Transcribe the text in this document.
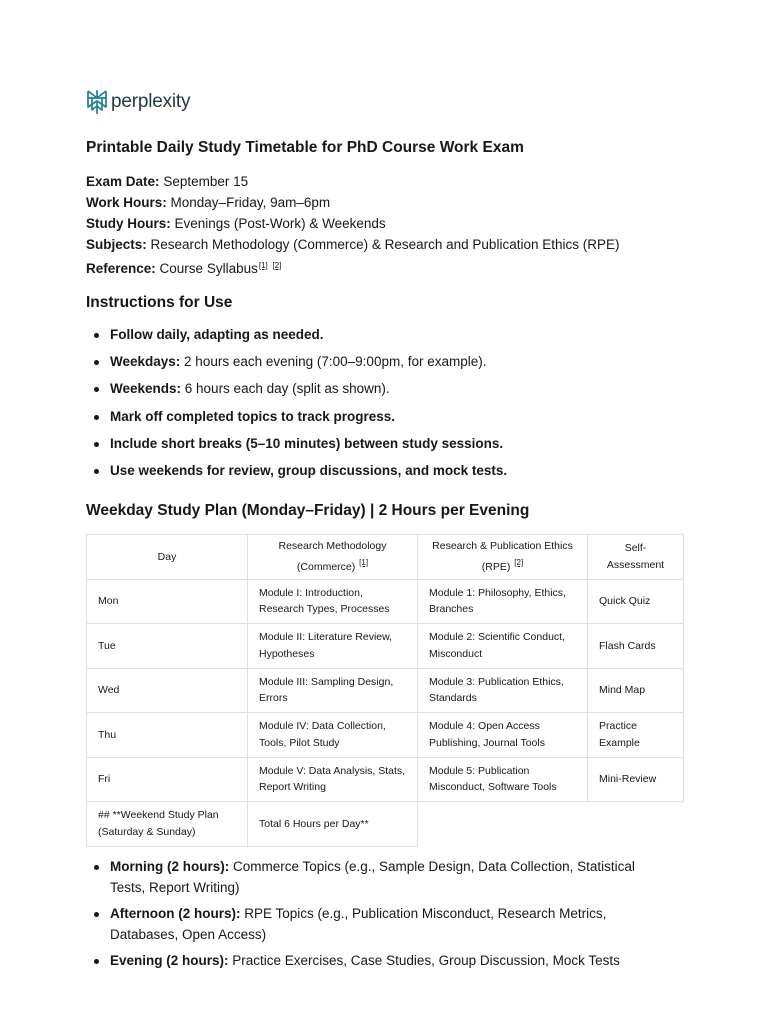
perplexity
Printable Daily Study Timetable for PhD Course Work Exam
Exam Date: September 15
Work Hours: Monday–Friday, 9am–6pm
Study Hours: Evenings (Post-Work) & Weekends
Subjects: Research Methodology (Commerce) & Research and Publication Ethics (RPE)
Reference: Course Syllabus[1] [2]
Instructions for Use
Follow daily, adapting as needed.
Weekdays: 2 hours each evening (7:00–9:00pm, for example).
Weekends: 6 hours each day (split as shown).
Mark off completed topics to track progress.
Include short breaks (5–10 minutes) between study sessions.
Use weekends for review, group discussions, and mock tests.
Weekday Study Plan (Monday–Friday) | 2 Hours per Evening
Day	Research Methodology (Commerce) [1]	Research & Publication Ethics (RPE) [2]	Self-Assessment
Mon	Module I: Introduction, Research Types, Processes	Module 1: Philosophy, Ethics, Branches	Quick Quiz
Tue	Module II: Literature Review, Hypotheses	Module 2: Scientific Conduct, Misconduct	Flash Cards
Wed	Module III: Sampling Design, Errors	Module 3: Publication Ethics, Standards	Mind Map
Thu	Module IV: Data Collection, Tools, Pilot Study	Module 4: Open Access Publishing, Journal Tools	Practice Example
Fri	Module V: Data Analysis, Stats, Report Writing	Module 5: Publication Misconduct, Software Tools	Mini-Review
## **Weekend Study Plan (Saturday & Sunday)	Total 6 Hours per Day**		
Morning (2 hours): Commerce Topics (e.g., Sample Design, Data Collection, Statistical Tests, Report Writing)
Afternoon (2 hours): RPE Topics (e.g., Publication Misconduct, Research Metrics, Databases, Open Access)
Evening (2 hours): Practice Exercises, Case Studies, Group Discussion, Mock Tests
